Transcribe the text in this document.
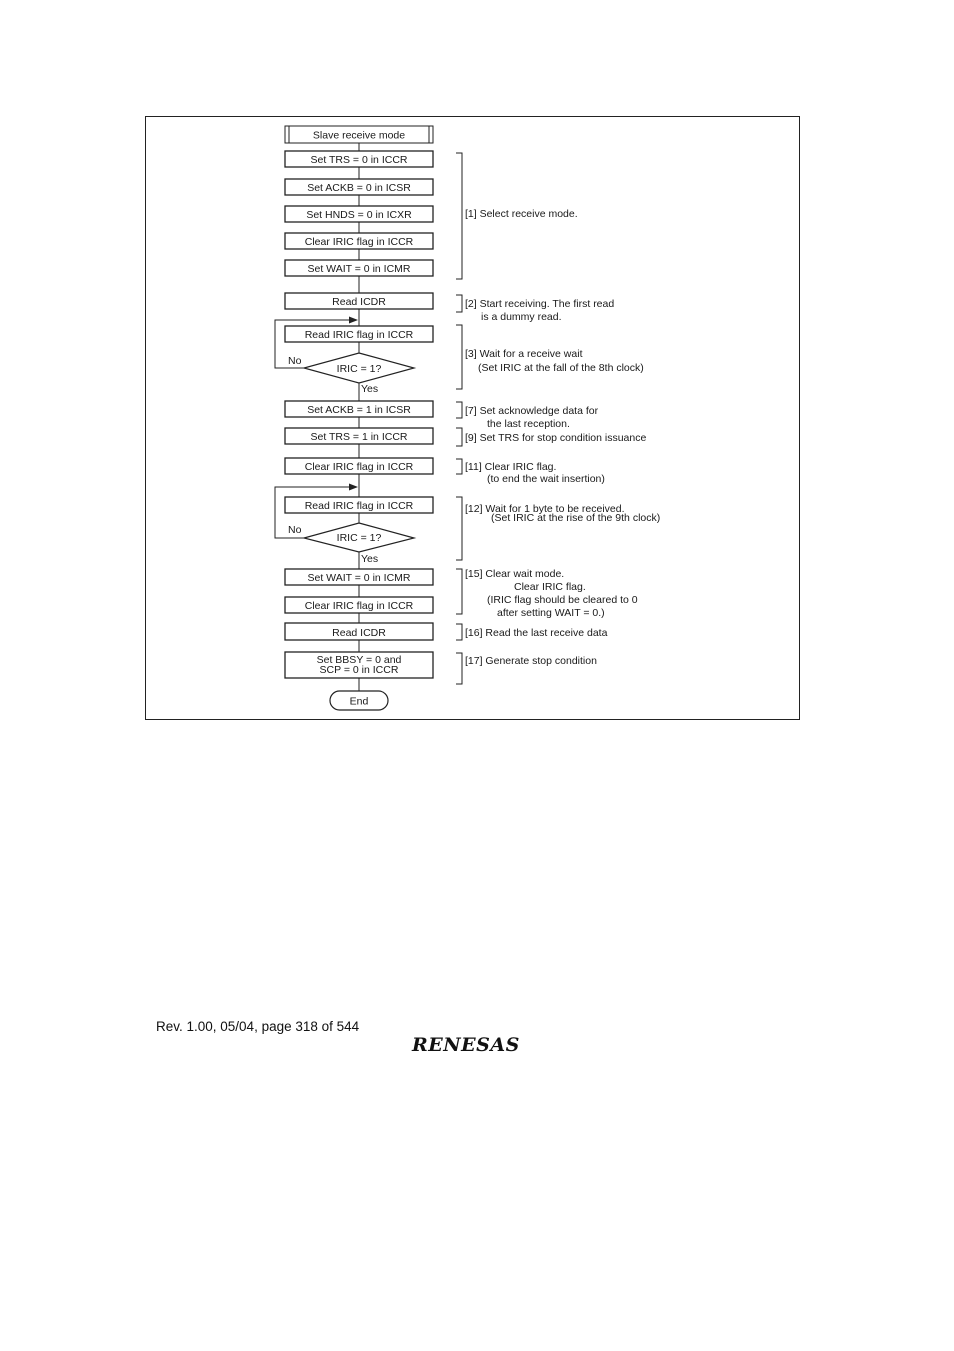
Slave receive mode
Set TRS = 0 in ICCR
Set ACKB = 0 in ICSR
Set HNDS = 0 in ICXR
Clear IRIC flag in ICCR
Set WAIT = 0 in ICMR
Read ICDR
Read IRIC flag in ICCR
Set ACKB = 1 in ICSR
Set TRS = 1 in ICCR
Clear IRIC flag in ICCR
Read IRIC flag in ICCR
Set WAIT = 0 in ICMR
Clear IRIC flag in ICCR
Read ICDR
Set BBSY = 0 and
SCP = 0 in ICCR
IRIC = 1?
IRIC = 1?
No
Yes
No
Yes
End
[1] Select receive mode.
[2] Start receiving. The first read
is a dummy read.
[3] Wait for a receive wait
(Set IRIC at the fall of the 8th clock)
[7] Set acknowledge data for
the last reception.
[9] Set TRS for stop condition issuance
[11] Clear IRIC flag.
(to end the wait insertion)
[12] Wait for 1 byte to be received.
(Set IRIC at the rise of the 9th clock)
[15] Clear wait mode.
Clear IRIC flag.
(IRIC flag should be cleared to 0
after setting WAIT = 0.)
[16] Read the last receive data
[17] Generate stop condition
Rev. 1.00, 05/04, page 318 of 544
RENESAS
